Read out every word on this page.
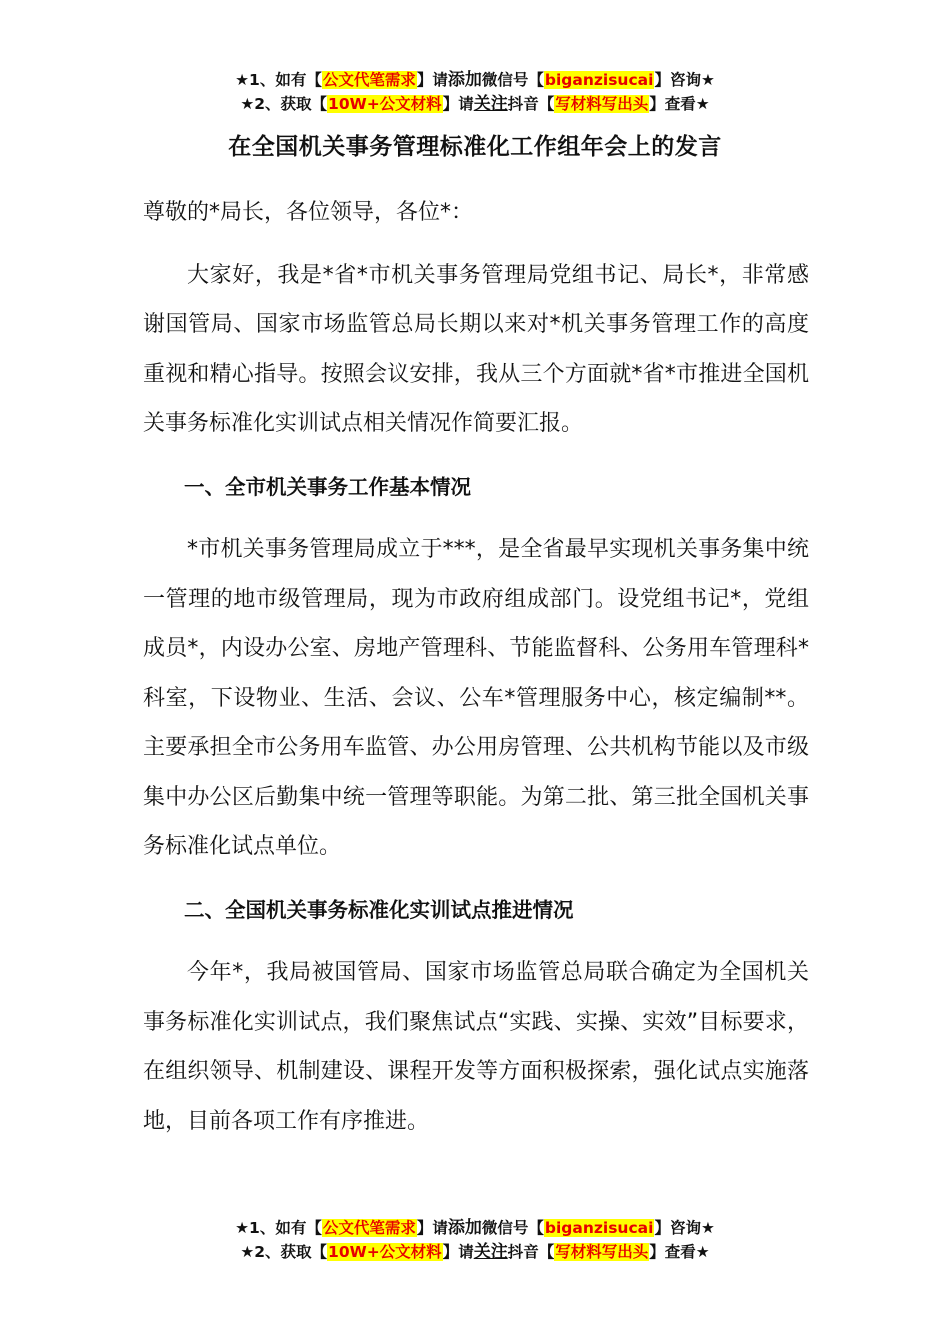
★1、如有【公文代笔需求】请添加微信号【biganzisucai】咨询★
★2、获取【10W+公文材料】请关注抖音【写材料写出头】查看★
在全国机关事务管理标准化工作组年会上的发言

尊敬的*局长，各位领导，各位*：

大家好，我是*省*市机关事务管理局党组书记、局长*，非常感谢国管局、国家市场监管总局长期以来对*机关事务管理工作的高度重视和精心指导。按照会议安排，我从三个方面就*省*市推进全国机关事务标准化实训试点相关情况作简要汇报。

一、全市机关事务工作基本情况

*市机关事务管理局成立于***，是全省最早实现机关事务集中统一管理的地市级管理局，现为市政府组成部门。设党组书记*，党组成员*，内设办公室、房地产管理科、节能监督科、公务用车管理科*科室，下设物业、生活、会议、公车*管理服务中心，核定编制**。主要承担全市公务用车监管、办公用房管理、公共机构节能以及市级集中办公区后勤集中统一管理等职能。为第二批、第三批全国机关事务标准化试点单位。

二、全国机关事务标准化实训试点推进情况

今年*，我局被国管局、国家市场监管总局联合确定为全国机关事务标准化实训试点，我们聚焦试点“实践、实操、实效”目标要求，在组织领导、机制建设、课程开发等方面积极探索，强化试点实施落地，目前各项工作有序推进。

★1、如有【公文代笔需求】请添加微信号【biganzisucai】咨询★
★2、获取【10W+公文材料】请关注抖音【写材料写出头】查看★
